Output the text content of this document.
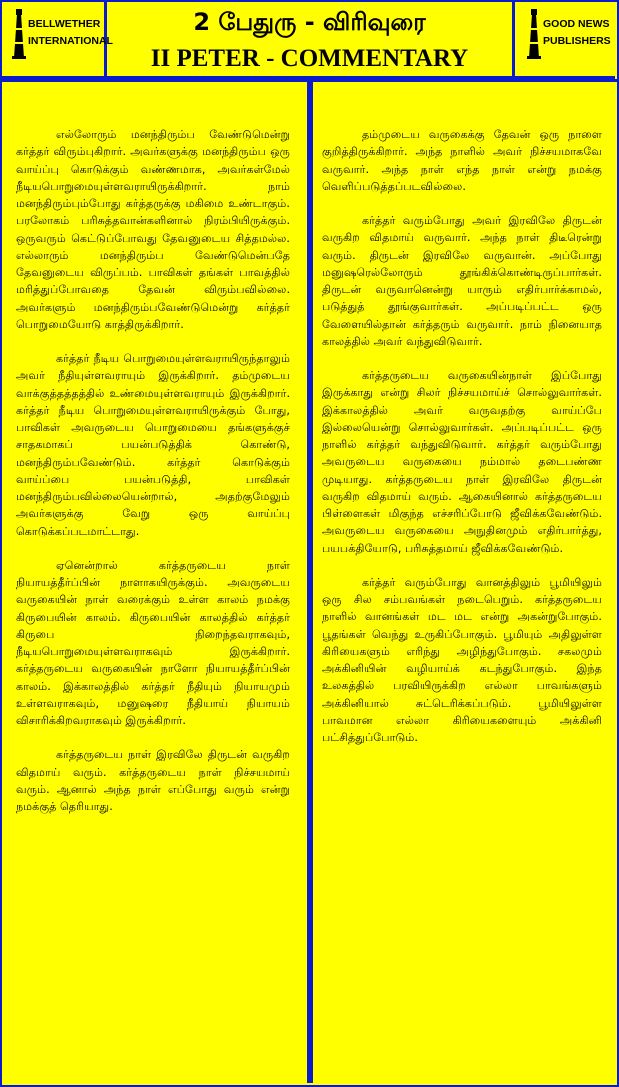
BELLWETHER
INTERNATIONAL
2 பேதுரு - விரிவுரை
II PETER - COMMENTARY
GOOD NEWS
PUBLISHERS

எல்லோரும் மனந்திரும்ப வேண்டுமென்று கர்த்தர் விரும்புகிறார். அவர்களுக்கு மனந்திரும்ப ஒரு வாய்ப்பு கொடுக்கும் வண்ணமாக, அவர்கள்மேல் நீடியபொறுமையுள்ளவராயிருக்கிறார். நாம் மனந்திரும்பும்போது கர்த்தருக்கு மகிமை உண்டாகும். பரலோகம் பரிசுத்தவான்களினால் நிரம்பியிருக்கும். ஒருவரும் கெட்டுப்போவது தேவனுடைய சித்தமல்ல. எல்லாரும் மனந்திரும்ப வேண்டுமென்பதே தேவனுடைய விருப்பம். பாவிகள் தங்கள் பாவத்தில் மரித்துப்போவதை தேவன் விரும்பவில்லை. அவர்களும் மனந்திரும்பவேண்டுமென்று கர்த்தர் பொறுமையோடு காத்திருக்கிறார்.

கர்த்தர் நீடிய பொறுமையுள்ளவராயிருந்தாலும் அவர் நீதியுள்ளவராயும் இருக்கிறார். தம்முடைய வாக்குத்தத்தத்தில் உண்மையுள்ளவராயும் இருக்கிறார். கர்த்தர் நீடிய பொறுமையுள்ளவராயிருக்கும் போது, பாவிகள் அவருடைய பொறுமையை தங்களுக்குச் சாதகமாகப் பயன்படுத்திக் கொண்டு, மனந்திரும்பவேண்டும். கர்த்தர் கொடுக்கும் வாய்ப்பை பயன்படுத்தி, பாவிகள் மனந்திரும்பவில்லையென்றால், அதற்குமேலும் அவர்களுக்கு வேறு ஒரு வாய்ப்பு கொடுக்கப்படமாட்டாது.

ஏனென்றால் கர்த்தருடைய நாள் நியாயத்தீர்ப்பின் நாளாகயிருக்கும். அவருடைய வருகையின் நாள் வரைக்கும் உள்ள காலம் நமக்கு கிருபையின் காலம். கிருபையின் காலத்தில் கர்த்தர் கிருபை நிறைந்தவராகவும், நீடியபொறுமையுள்ளவராகவும் இருக்கிறார். கர்த்தருடைய வருகையின் நாளோ நியாயத்தீர்ப்பின் காலம். இக்காலத்தில் கர்த்தர் நீதியும் நியாயமும் உள்ளவராகவும், மனுஷரை நீதியாய் நியாயம் விசாரிக்கிறவராகவும் இருக்கிறார்.

கர்த்தருடைய நாள் இரவிலே திருடன் வருகிற விதமாய் வரும். கர்த்தருடைய நாள் நிச்சயமாய் வரும். ஆனால் அந்த நாள் எப்போது வரும் என்று நமக்குத் தெரியாது.

தம்முடைய வருகைக்கு தேவன் ஒரு நாளை குறித்திருக்கிறார். அந்த நாளில் அவர் நிச்சயமாகவே வருவார். அந்த நாள் எந்த நாள் என்று நமக்கு வெளிப்படுத்தப்படவில்லை.

கர்த்தர் வரும்போது அவர் இரவிலே திருடன் வருகிற விதமாய் வருவார். அந்த நாள் திடீரென்று வரும். திருடன் இரவிலே வருவான். அப்போது மனுஷரெல்லோரும் தூங்கிக்கொண்டிருப்பார்கள். திருடன் வருவானென்று யாரும் எதிர்பார்க்காமல், படுத்துத் தூங்குவார்கள். அப்படிப்பட்ட ஒரு வேளையில்தான் கர்த்தரும் வருவார். நாம் நினையாத காலத்தில் அவர் வந்துவிடுவார்.

கர்த்தருடைய வருகையின்நாள் இப்போது இருக்காது என்று சிலர் நிச்சயமாய்ச் சொல்லுவார்கள். இக்காலத்தில் அவர் வருவதற்கு வாய்ப்பே இல்லையென்று சொல்லுவார்கள். அப்படிப்பட்ட ஒரு நாளில் கர்த்தர் வந்துவிடுவார். கர்த்தர் வரும்போது அவருடைய வருகையை நம்மால் தடைபண்ண முடியாது. கர்த்தருடைய நாள் இரவிலே திருடன் வருகிற விதமாய் வரும். ஆகையினால் கர்த்தருடைய பிள்ளைகள் மிகுந்த எச்சரிப்போடு ஜீவிக்கவேண்டும். அவருடைய வருகையை அநுதினமும் எதிர்பார்த்து, பயபக்தியோடு, பரிசுத்தமாய் ஜீவிக்கவேண்டும்.

கர்த்தர் வரும்போது வானத்திலும் பூமியிலும் ஒரு சில சம்பவங்கள் நடைபெறும். கர்த்தருடைய நாளில் வானங்கள் மட மட என்று அகன்றுபோகும். பூதங்கள் வெந்து உருகிப்போகும். பூமியும் அதிலுள்ள கிரியைகளும் எரிந்து அழிந்துபோகும். சகலமும் அக்கினியின் வழியாய்க் கடந்துபோகும். இந்த உலகத்தில் பரவியிருக்கிற எல்லா பாவங்களும் அக்கினியால் சுட்டெரிக்கப்படும். பூமியிலுள்ள பாவமான எல்லா கிரியைகளையும் அக்கினி பட்சித்துப்போடும்.
